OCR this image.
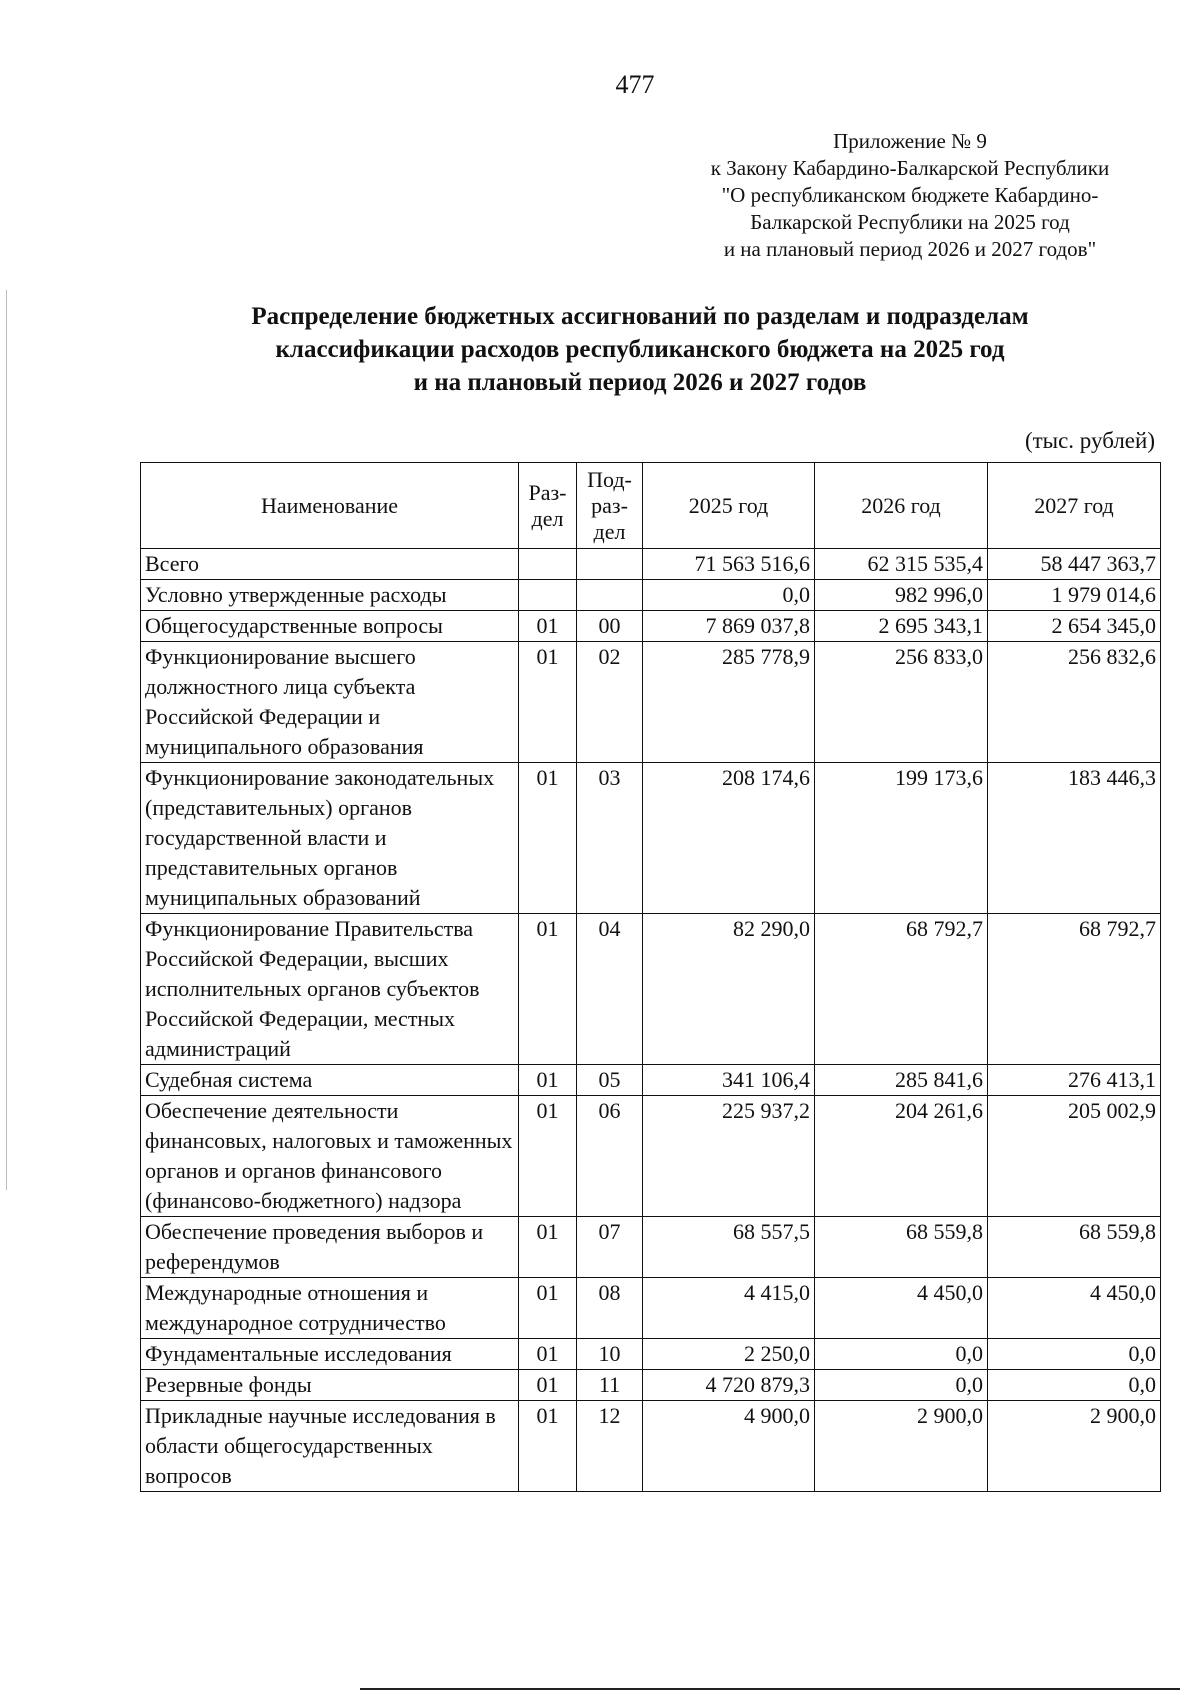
477
Приложение № 9
к Закону Кабардино-Балкарской Республики
"О республиканском бюджете Кабардино-
Балкарской Республики на 2025 год
и на плановый период 2026 и 2027 годов"
Распределение бюджетных ассигнований по разделам и подразделам
классификации расходов республиканского бюджета на 2025 год
и на плановый период 2026 и 2027 годов
(тыс. рублей)
Наименование	Раз-дел	Под-раз-дел	2025 год	2026 год	2027 год
Всего			71 563 516,6	62 315 535,4	58 447 363,7
Условно утвержденные расходы			0,0	982 996,0	1 979 014,6
Общегосударственные вопросы	01	00	7 869 037,8	2 695 343,1	2 654 345,0
Функционирование высшего должностного лица субъекта Российской Федерации и муниципального образования	01	02	285 778,9	256 833,0	256 832,6
Функционирование законодательных (представительных) органов государственной власти и представительных органов муниципальных образований	01	03	208 174,6	199 173,6	183 446,3
Функционирование Правительства Российской Федерации, высших исполнительных органов субъектов Российской Федерации, местных администраций	01	04	82 290,0	68 792,7	68 792,7
Судебная система	01	05	341 106,4	285 841,6	276 413,1
Обеспечение деятельности финансовых, налоговых и таможенных органов и органов финансового (финансово-бюджетного) надзора	01	06	225 937,2	204 261,6	205 002,9
Обеспечение проведения выборов и референдумов	01	07	68 557,5	68 559,8	68 559,8
Международные отношения и международное сотрудничество	01	08	4 415,0	4 450,0	4 450,0
Фундаментальные исследования	01	10	2 250,0	0,0	0,0
Резервные фонды	01	11	4 720 879,3	0,0	0,0
Прикладные научные исследования в области общегосударственных вопросов	01	12	4 900,0	2 900,0	2 900,0
